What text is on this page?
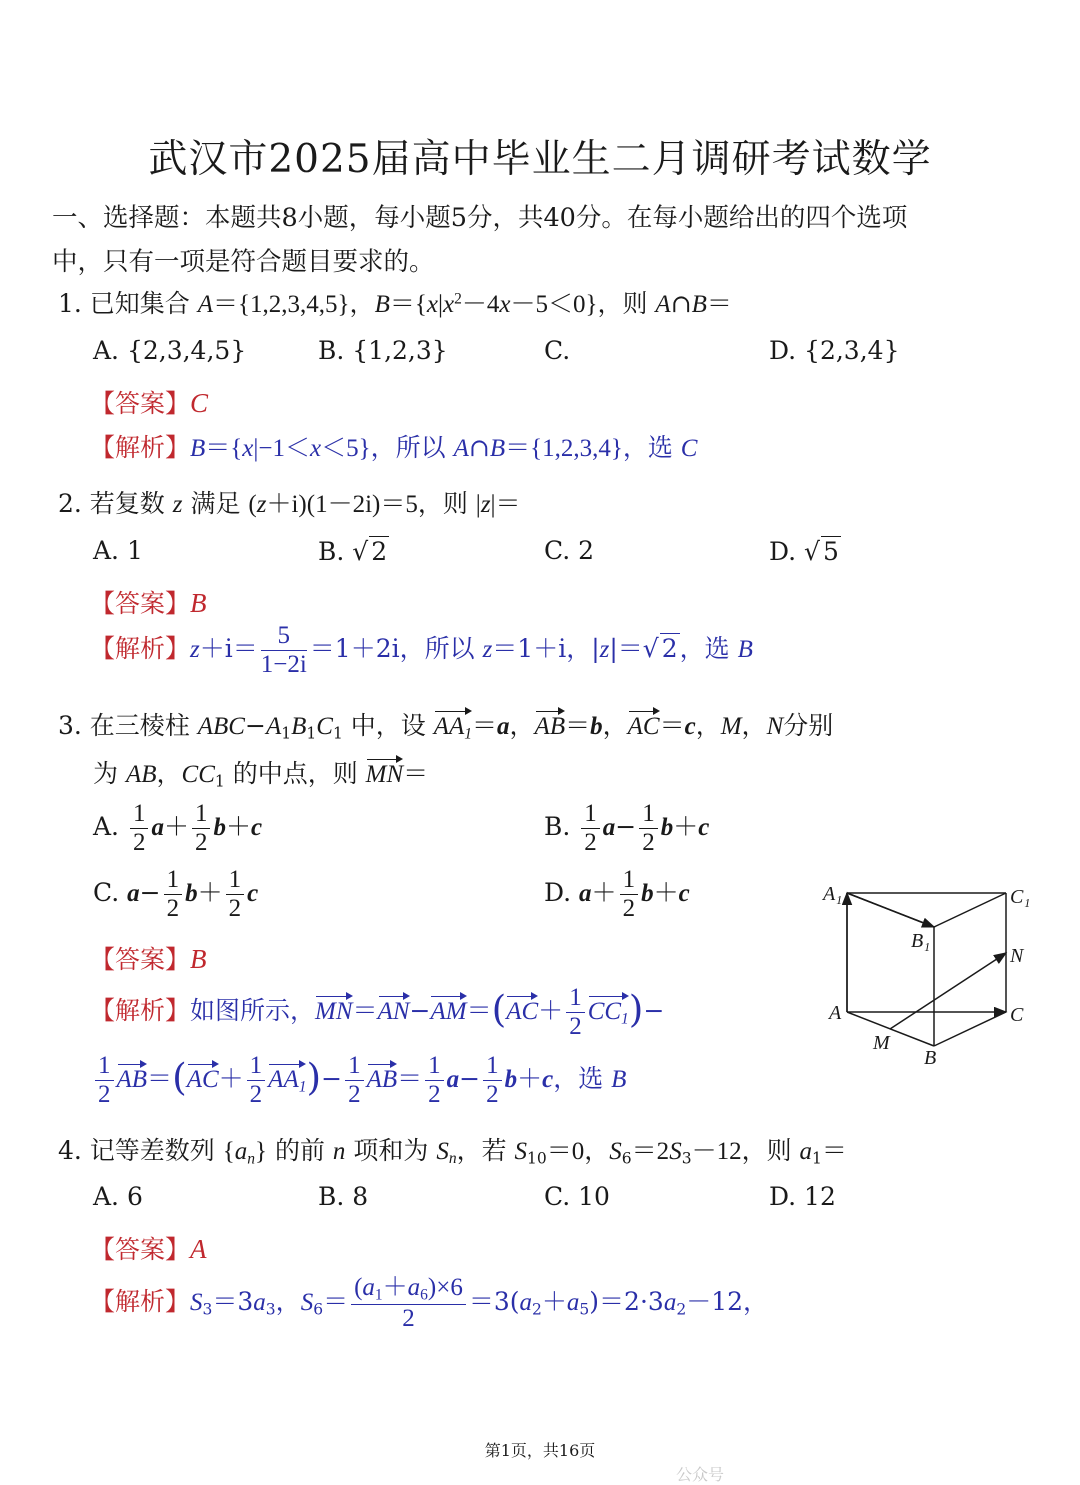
武汉市2025届高中毕业生二月调研考试数学
一、选择题：本题共8小题，每小题5分，共40分。在每小题给出的四个选项
中，只有一项是符合题目要求的。
1. 已知集合 A＝{1,2,3,4,5}，$B=\{x|x^2-4x-5<0\}$，则 A∩B＝
A. {2,3,4,5}	B. {1,2,3}	C.	D. {2,3,4}
【答案】C
【解析】B＝{x|−1＜x＜5}，所以 A∩B＝{1,2,3,4}，选 C
2. 若复数 z 满足 (z＋i)(1－2i)＝5，则 |z|＝
A. 1	B. √ 2	C. 2	D. √ 5
【答案】B
【解析】$z+i= \frac{5}{1-2i} =1+2i$，所以 z＝1＋i，|z|＝√ 2，选 B
3. 在三棱柱 $ABC-A_1B_1C_1$ 中，设 $AA_1=a$，AB＝b，AC＝c，M，N分别
为 AB，$CC_1$ 的中点，则 MN＝
A. $\frac{1}{2} a+ \frac{1}{2} b+c$	B. $\frac{1}{2} a- \frac{1}{2} b+c$
C. $a- \frac{1}{2} b+ \frac{1}{2}$ c	D. $a+ \frac{1}{2} b+c$
【答案】B
【解析】如图所示，$MN=AN-AM=(AC+ \frac{1}{2} CC_1)-$
$\frac{1}{2} AB=(AC+ \frac{1}{2} AA_1)- \frac{1}{2} AB= \frac{1}{2} a- \frac{1}{2} b+c$，选 B
A₁	C₁
B₁
N
A	C
M
B
4. 记等差数列 $\{a_n\}$ 的前 n 项和为 $S_n$，若 $S_{10}=0$，$S_6=2S_3-12$，则 $a_1=$
A. 6	B. 8	C. 10	D. 12
【答案】A
【解析】$S_3=3a_3$，$S_6= \frac{(a_1+a_6)\times 6}{2} =3(a_2+a_5)=2\cdot 3a_2-12$，
第1页，共16页
公众号
